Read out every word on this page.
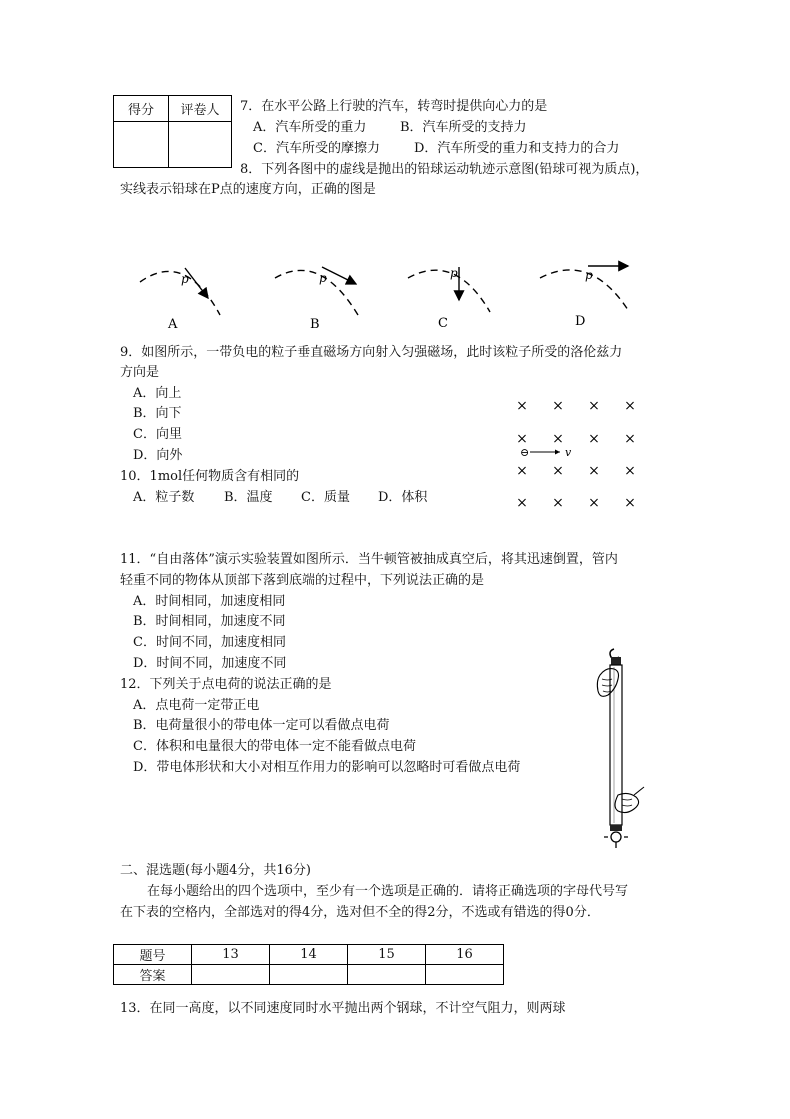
得分	评卷人
	7．在水平公路上行驶的汽车，转弯时提供向心力的是
A．汽车所受的重力	B．汽车所受的支持力
C．汽车所受的摩擦力	D．汽车所受的重力和支持力的合力
8．下列各图中的虚线是抛出的铅球运动轨迹示意图(铅球可视为质点)，
实线表示铅球在P点的速度方向，正确的图是
p
A
p
B
p
C
p
D
9．如图所示，一带负电的粒子垂直磁场方向射入匀强磁场，此时该粒子所受的洛伦兹力
方向是
A．向上
B．向下
C．向里
D．向外
× × × ×
× × × ×
× × × ×
× × × ×
⊖	v
10．1mol任何物质含有相同的
A．粒子数 B．温度 C．质量 D．体积
11．“自由落体”演示实验装置如图所示．当牛顿管被抽成真空后，将其迅速倒置，管内
轻重不同的物体从顶部下落到底端的过程中，下列说法正确的是
A．时间相同，加速度相同
B．时间相同，加速度不同
C．时间不同，加速度相同
D．时间不同，加速度不同
12．下列关于点电荷的说法正确的是
A．点电荷一定带正电
B．电荷量很小的带电体一定可以看做点电荷
C．体积和电量很大的带电体一定不能看做点电荷
D．带电体形状和大小对相互作用力的影响可以忽略时可看做点电荷
二、混选题(每小题4分，共16分)
在每小题给出的四个选项中，至少有一个选项是正确的．请将正确选项的字母代号写
在下表的空格内，全部选对的得4分，选对但不全的得2分，不选或有错选的得0分．
题号	13	14	15	16
答案				
13．在同一高度，以不同速度同时水平抛出两个钢球，不计空气阻力，则两球
